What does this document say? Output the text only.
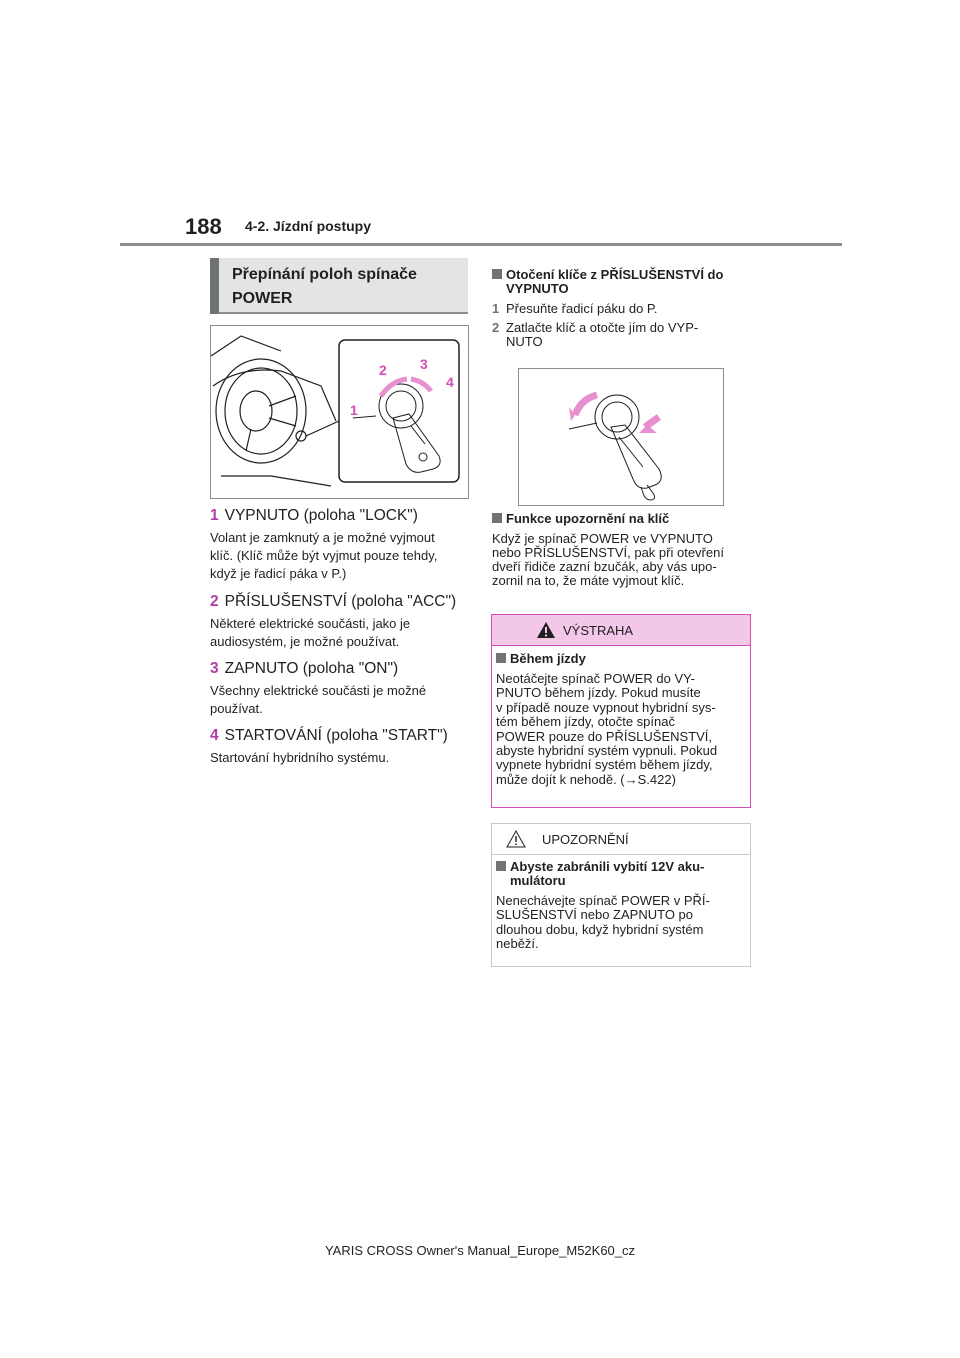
188 4-2. Jízdní postupy
Přepínání poloh spínače
POWER
1
2 3
4
1 VYPNUTO (poloha "LOCK")
Volant je zamknutý a je možné vyjmout
klíč. (Klíč může být vyjmut pouze tehdy,
když je řadicí páka v P.)
2 PŘÍSLUŠENSTVÍ (poloha "ACC")
Některé elektrické součásti, jako je
audiosystém, je možné používat.
3 ZAPNUTO (poloha "ON")
Všechny elektrické součásti je možné
používat.
4 STARTOVÁNÍ (poloha "START")
Startování hybridního systému.
Otočení klíče z PŘÍSLUŠENSTVÍ do
VYPNUTO
1 Přesuňte řadicí páku do P.
2 Zatlačte klíč a otočte jím do VYP-
NUTO
Funkce upozornění na klíč
Když je spínač POWER ve VYPNUTO
nebo PŘÍSLUŠENSTVÍ, pak při otevření
dveří řidiče zazní bzučák, aby vás upo-
zornil na to, že máte vyjmout klíč.
VÝSTRAHA
Během jízdy
Neotáčejte spínač POWER do VY-
PNUTO během jízdy. Pokud musíte
v případě nouze vypnout hybridní sys-
tém během jízdy, otočte spínač
POWER pouze do PŘÍSLUŠENSTVÍ,
abyste hybridní systém vypnuli. Pokud
vypnete hybridní systém během jízdy,
může dojít k nehodě. (→S.422)
UPOZORNĚNÍ
Abyste zabránili vybití 12V aku-
mulátoru
Nenechávejte spínač POWER v PŘÍ-
SLUŠENSTVÍ nebo ZAPNUTO po
dlouhou dobu, když hybridní systém
neběží.
YARIS CROSS Owner's Manual_Europe_M52K60_cz
